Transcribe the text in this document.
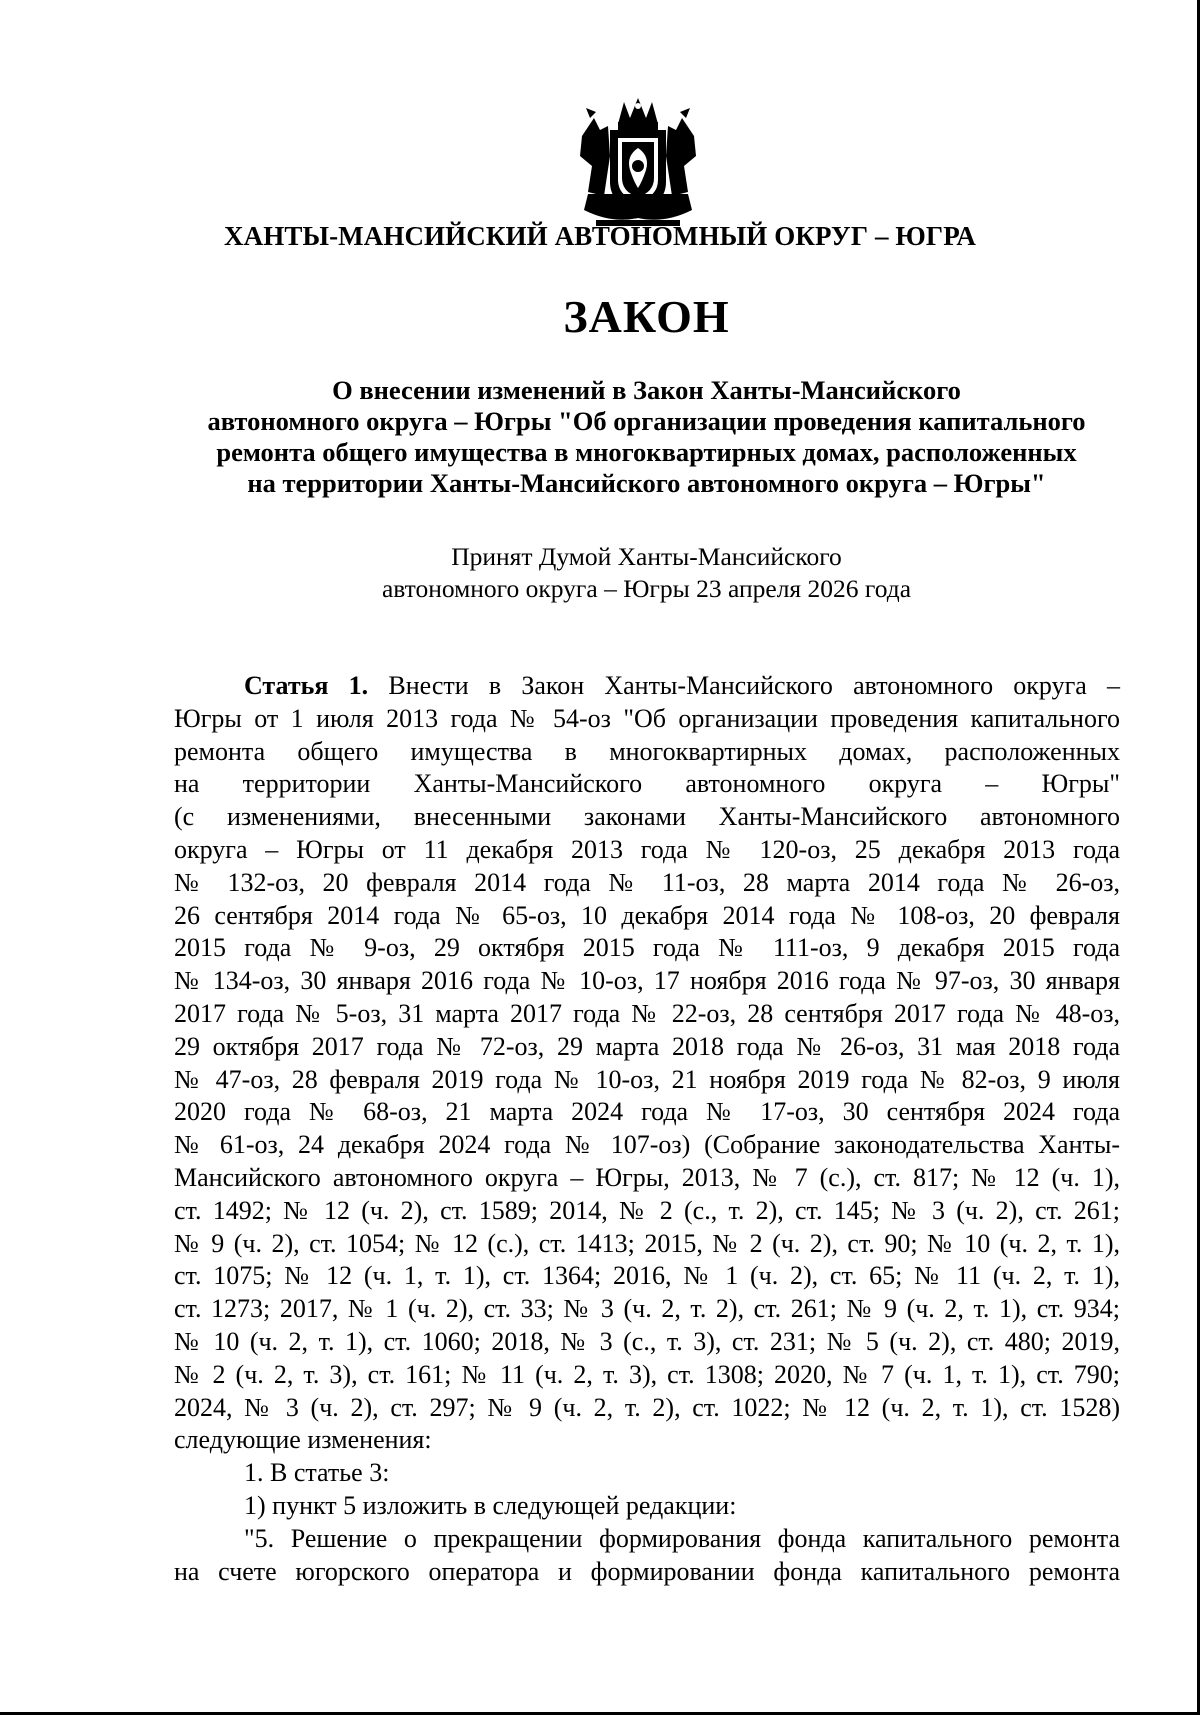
ХАНТЫ-МАНСИЙСКИЙ АВТОНОМНЫЙ ОКРУГ – ЮГРА
ЗАКОН
О внесении изменений в Закон Ханты-Мансийского
автономного округа – Югры "Об организации проведения капитального
ремонта общего имущества в многоквартирных домах, расположенных
на территории Ханты-Мансийского автономного округа – Югры"
Принят Думой Ханты-Мансийского
автономного округа – Югры 23 апреля 2026 года
Статья 1. Внести в Закон Ханты-Мансийского автономного округа –
Югры от 1 июля 2013 года № 54-оз "Об организации проведения капитального
ремонта общего имущества в многоквартирных домах, расположенных
на территории Ханты-Мансийского автономного округа – Югры"
(с изменениями, внесенными законами Ханты-Мансийского автономного
округа – Югры от 11 декабря 2013 года № 120-оз, 25 декабря 2013 года
№ 132-оз, 20 февраля 2014 года № 11-оз, 28 марта 2014 года № 26-оз,
26 сентября 2014 года № 65-оз, 10 декабря 2014 года № 108-оз, 20 февраля
2015 года № 9-оз, 29 октября 2015 года № 111-оз, 9 декабря 2015 года
№ 134-оз, 30 января 2016 года № 10-оз, 17 ноября 2016 года № 97-оз, 30 января
2017 года № 5-оз, 31 марта 2017 года № 22-оз, 28 сентября 2017 года № 48-оз,
29 октября 2017 года № 72-оз, 29 марта 2018 года № 26-оз, 31 мая 2018 года
№ 47-оз, 28 февраля 2019 года № 10-оз, 21 ноября 2019 года № 82-оз, 9 июля
2020 года № 68-оз, 21 марта 2024 года № 17-оз, 30 сентября 2024 года
№ 61-оз, 24 декабря 2024 года № 107-оз) (Собрание законодательства Ханты-
Мансийского автономного округа – Югры, 2013, № 7 (с.), ст. 817; № 12 (ч. 1),
ст. 1492; № 12 (ч. 2), ст. 1589; 2014, № 2 (с., т. 2), ст. 145; № 3 (ч. 2), ст. 261;
№ 9 (ч. 2), ст. 1054; № 12 (с.), ст. 1413; 2015, № 2 (ч. 2), ст. 90; № 10 (ч. 2, т. 1),
ст. 1075; № 12 (ч. 1, т. 1), ст. 1364; 2016, № 1 (ч. 2), ст. 65; № 11 (ч. 2, т. 1),
ст. 1273; 2017, № 1 (ч. 2), ст. 33; № 3 (ч. 2, т. 2), ст. 261; № 9 (ч. 2, т. 1), ст. 934;
№ 10 (ч. 2, т. 1), ст. 1060; 2018, № 3 (с., т. 3), ст. 231; № 5 (ч. 2), ст. 480; 2019,
№ 2 (ч. 2, т. 3), ст. 161; № 11 (ч. 2, т. 3), ст. 1308; 2020, № 7 (ч. 1, т. 1), ст. 790;
2024, № 3 (ч. 2), ст. 297; № 9 (ч. 2, т. 2), ст. 1022; № 12 (ч. 2, т. 1), ст. 1528)
следующие изменения:
1. В статье 3:
1) пункт 5 изложить в следующей редакции:
"5. Решение о прекращении формирования фонда капитального ремонта
на счете югорского оператора и формировании фонда капитального ремонта
